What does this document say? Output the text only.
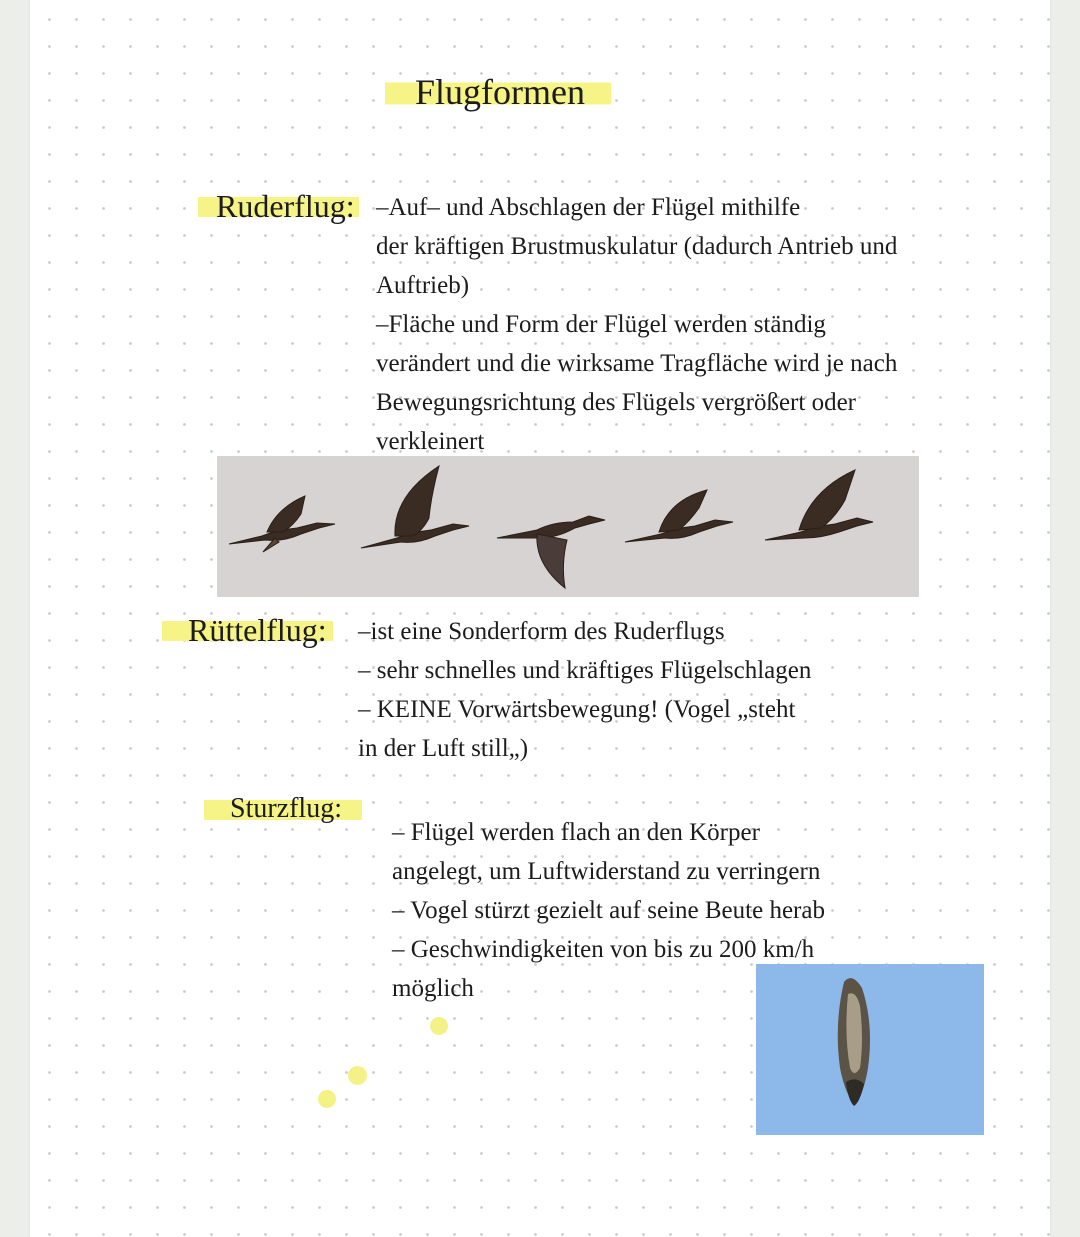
Flugformen
Ruderflug: –Auf– und Abschlagen der Flügel mithilfe
der kräftigen Brustmuskulatur (dadurch Antrieb und
Auftrieb)
–Fläche und Form der Flügel werden ständig
verändert und die wirksame Tragfläche wird je nach
Bewegungsrichtung des Flügels vergrößert oder
verkleinert
Rüttelflug: –ist eine Sonderform des Ruderflugs
– sehr schnelles und kräftiges Flügelschlagen
– KEINE Vorwärtsbewegung! (Vogel „steht
in der Luft still„)
Sturzflug:
– Flügel werden flach an den Körper
angelegt, um Luftwiderstand zu verringern
– Vogel stürzt gezielt auf seine Beute herab
– Geschwindigkeiten von bis zu 200 km/h
möglich
